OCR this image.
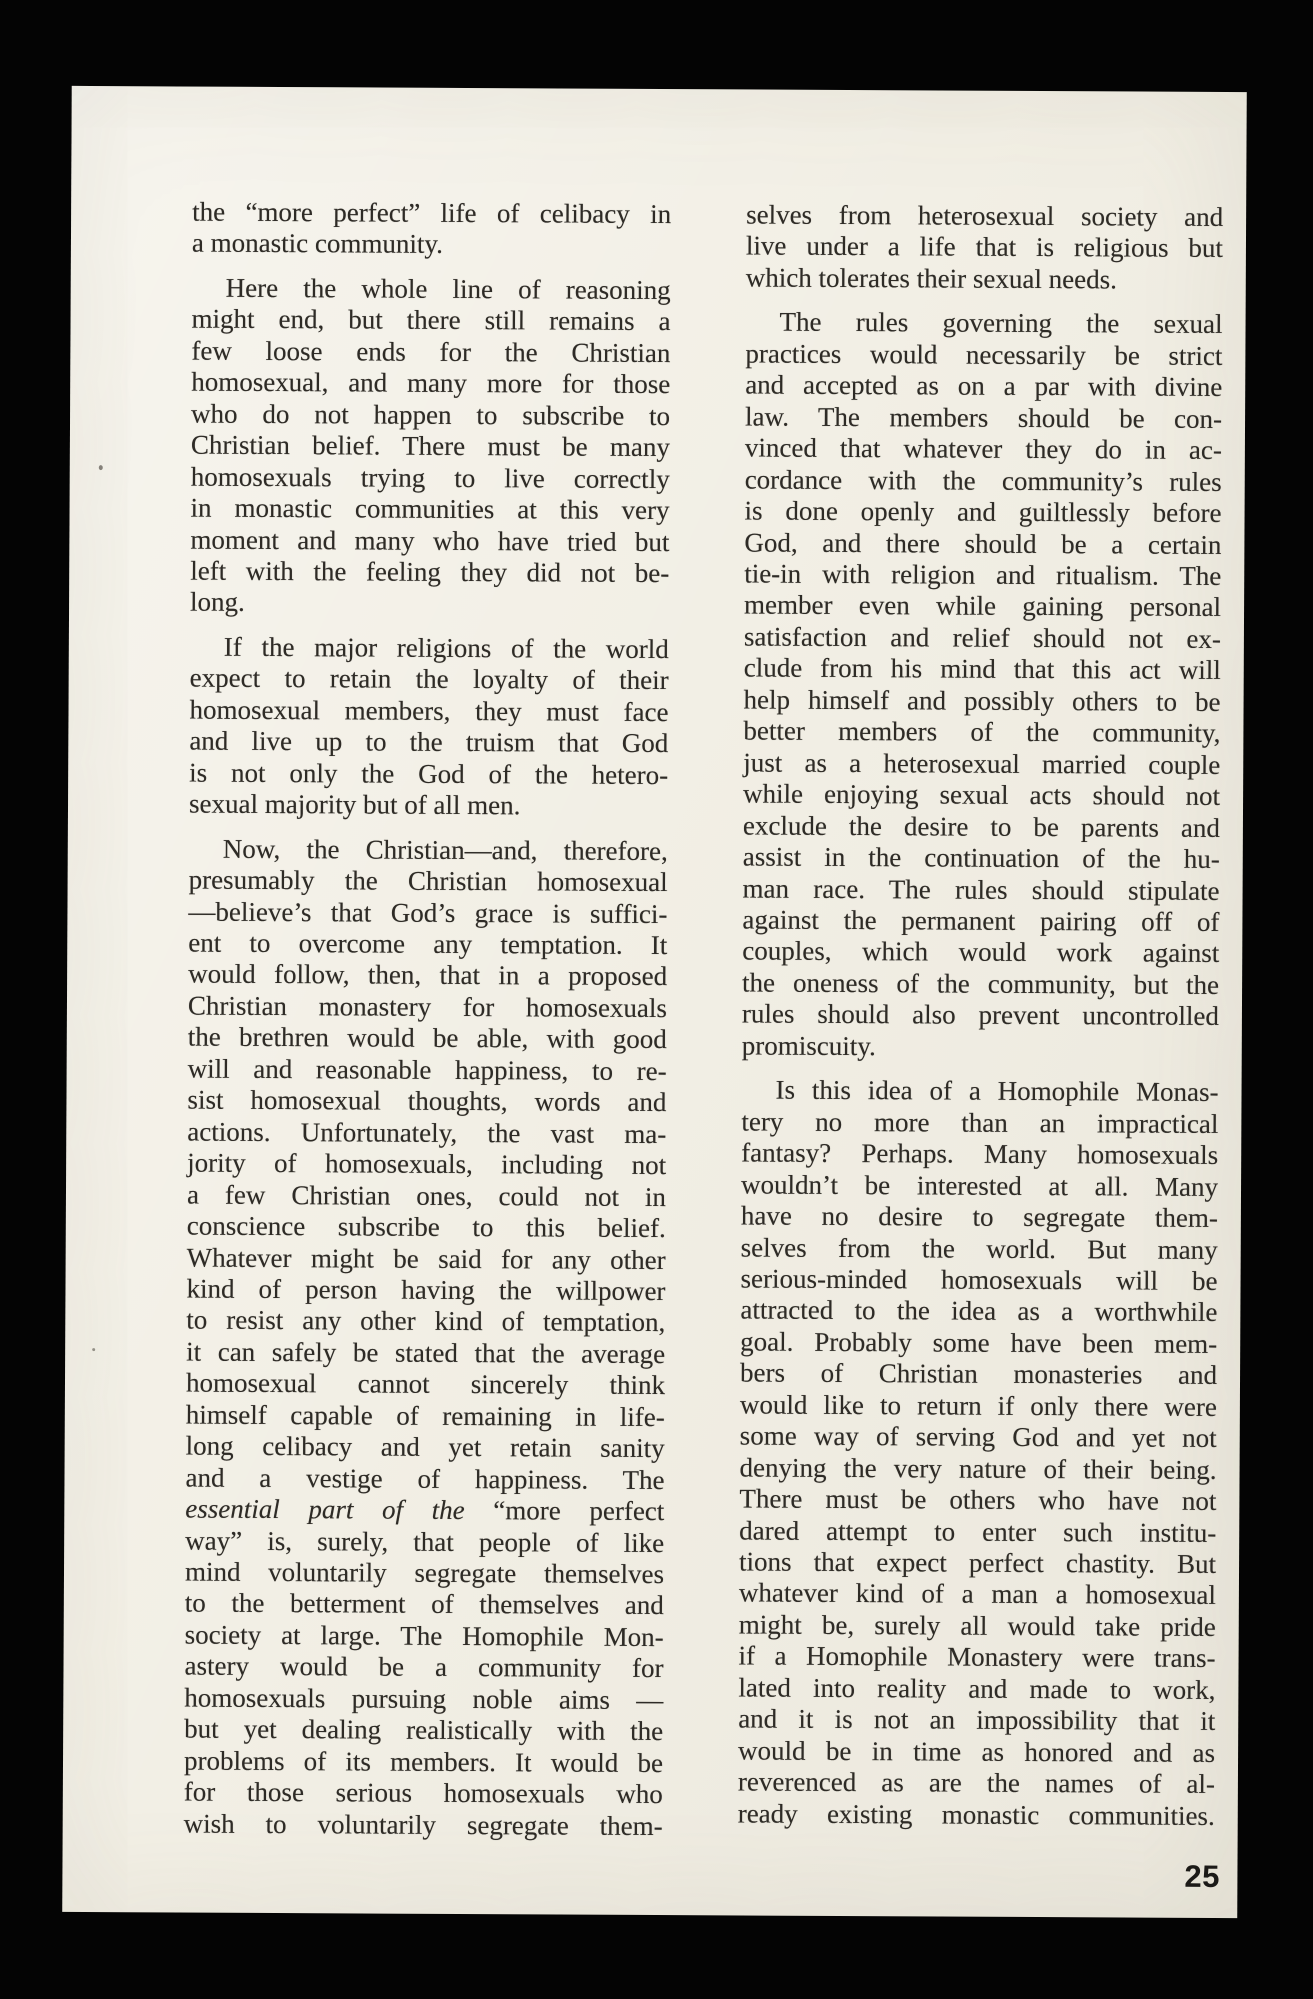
the “more perfect” life of celibacy in
a monastic community.
Here the whole line of reasoning
might end, but there still remains a
few loose ends for the Christian
homosexual, and many more for those
who do not happen to subscribe to
Christian belief. There must be many
homosexuals trying to live correctly
in monastic communities at this very
moment and many who have tried but
left with the feeling they did not be-
long.
If the major religions of the world
expect to retain the loyalty of their
homosexual members, they must face
and live up to the truism that God
is not only the God of the hetero-
sexual majority but of all men.
Now, the Christian—and, therefore,
presumably the Christian homosexual
—believe’s that God’s grace is suffici-
ent to overcome any temptation. It
would follow, then, that in a proposed
Christian monastery for homosexuals
the brethren would be able, with good
will and reasonable happiness, to re-
sist homosexual thoughts, words and
actions. Unfortunately, the vast ma-
jority of homosexuals, including not
a few Christian ones, could not in
conscience subscribe to this belief.
Whatever might be said for any other
kind of person having the willpower
to resist any other kind of temptation,
it can safely be stated that the average
homosexual cannot sincerely think
himself capable of remaining in life-
long celibacy and yet retain sanity
and a vestige of happiness. The
essential part of the “more perfect
way” is, surely, that people of like
mind voluntarily segregate themselves
to the betterment of themselves and
society at large. The Homophile Mon-
astery would be a community for
homosexuals pursuing noble aims —
but yet dealing realistically with the
problems of its members. It would be
for those serious homosexuals who
wish to voluntarily segregate them-
selves from heterosexual society and
live under a life that is religious but
which tolerates their sexual needs.
The rules governing the sexual
practices would necessarily be strict
and accepted as on a par with divine
law. The members should be con-
vinced that whatever they do in ac-
cordance with the community’s rules
is done openly and guiltlessly before
God, and there should be a certain
tie-in with religion and ritualism. The
member even while gaining personal
satisfaction and relief should not ex-
clude from his mind that this act will
help himself and possibly others to be
better members of the community,
just as a heterosexual married couple
while enjoying sexual acts should not
exclude the desire to be parents and
assist in the continuation of the hu-
man race. The rules should stipulate
against the permanent pairing off of
couples, which would work against
the oneness of the community, but the
rules should also prevent uncontrolled
promiscuity.
Is this idea of a Homophile Monas-
tery no more than an impractical
fantasy? Perhaps. Many homosexuals
wouldn’t be interested at all. Many
have no desire to segregate them-
selves from the world. But many
serious-minded homosexuals will be
attracted to the idea as a worthwhile
goal. Probably some have been mem-
bers of Christian monasteries and
would like to return if only there were
some way of serving God and yet not
denying the very nature of their being.
There must be others who have not
dared attempt to enter such institu-
tions that expect perfect chastity. But
whatever kind of a man a homosexual
might be, surely all would take pride
if a Homophile Monastery were trans-
lated into reality and made to work,
and it is not an impossibility that it
would be in time as honored and as
reverenced as are the names of al-
ready existing monastic communities.
25
